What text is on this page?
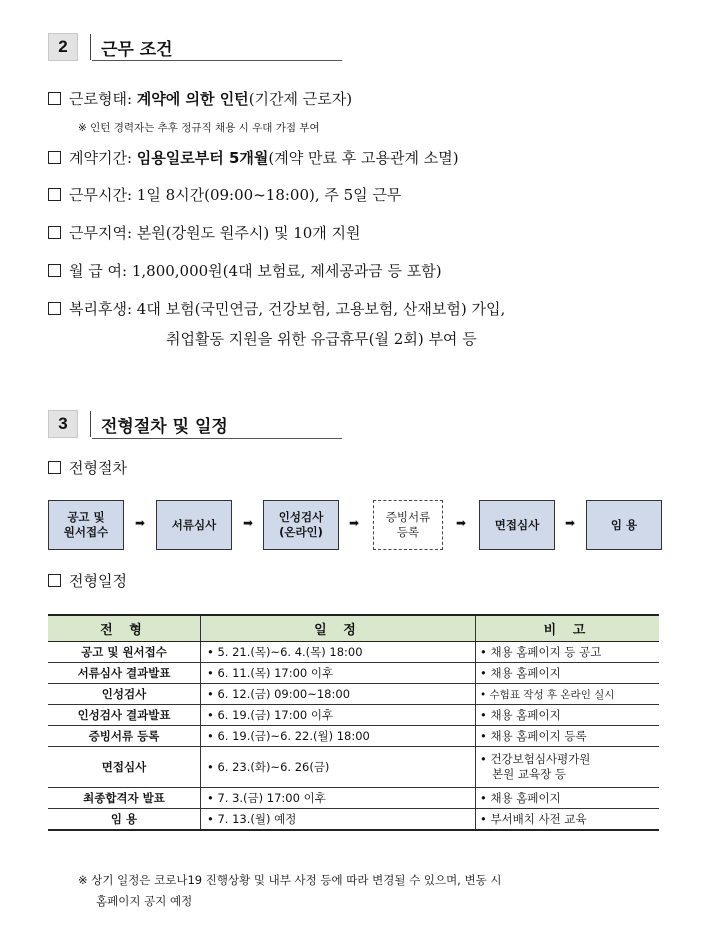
2	근무 조건
근로형태: 계약에 의한 인턴(기간제 근로자)
※ 인턴 경력자는 추후 정규직 채용 시 우대 가점 부여
계약기간: 임용일로부터 5개월(계약 만료 후 고용관계 소멸)
근무시간: 1일 8시간(09:00~18:00), 주 5일 근무
근무지역: 본원(강원도 원주시) 및 10개 지원
월 급 여: 1,800,000원(4대 보험료, 제세공과금 등 포함)
복리후생: 4대 보험(국민연금, 건강보험, 고용보험, 산재보험) 가입,
취업활동 지원을 위한 유급휴무(월 2회) 부여 등
3	전형절차 및 일정
전형절차
공고 및
원서접수
➡ 서류심사 ➡ 인성검사
(온라인)
➡ 증빙서류
등록
➡ 면접심사 ➡	임 용
전형일정
전 형	일 정	비 고
공고 및 원서접수	• 5. 21.(목)~6. 4.(목) 18:00	• 채용 홈페이지 등 공고
서류심사 결과발표	• 6. 11.(목) 17:00 이후	• 채용 홈페이지
인성검사	• 6. 12.(금) 09:00~18:00	• 수험표 작성 후 온라인 실시
인성검사 결과발표	• 6. 19.(금) 17:00 이후	• 채용 홈페이지
증빙서류 등록	• 6. 19.(금)~6. 22.(월) 18:00	• 채용 홈페이지 등록
면접심사	• 6. 23.(화)~6. 26(금)	• 건강보험심사평가원
본원 교육장 등
최종합격자 발표	• 7. 3.(금) 17:00 이후	• 채용 홈페이지
임 용	• 7. 13.(월) 예정	• 부서배치 사전 교육
※ 상기 일정은 코로나19 진행상황 및 내부 사정 등에 따라 변경될 수 있으며, 변동 시
홈페이지 공지 예정
